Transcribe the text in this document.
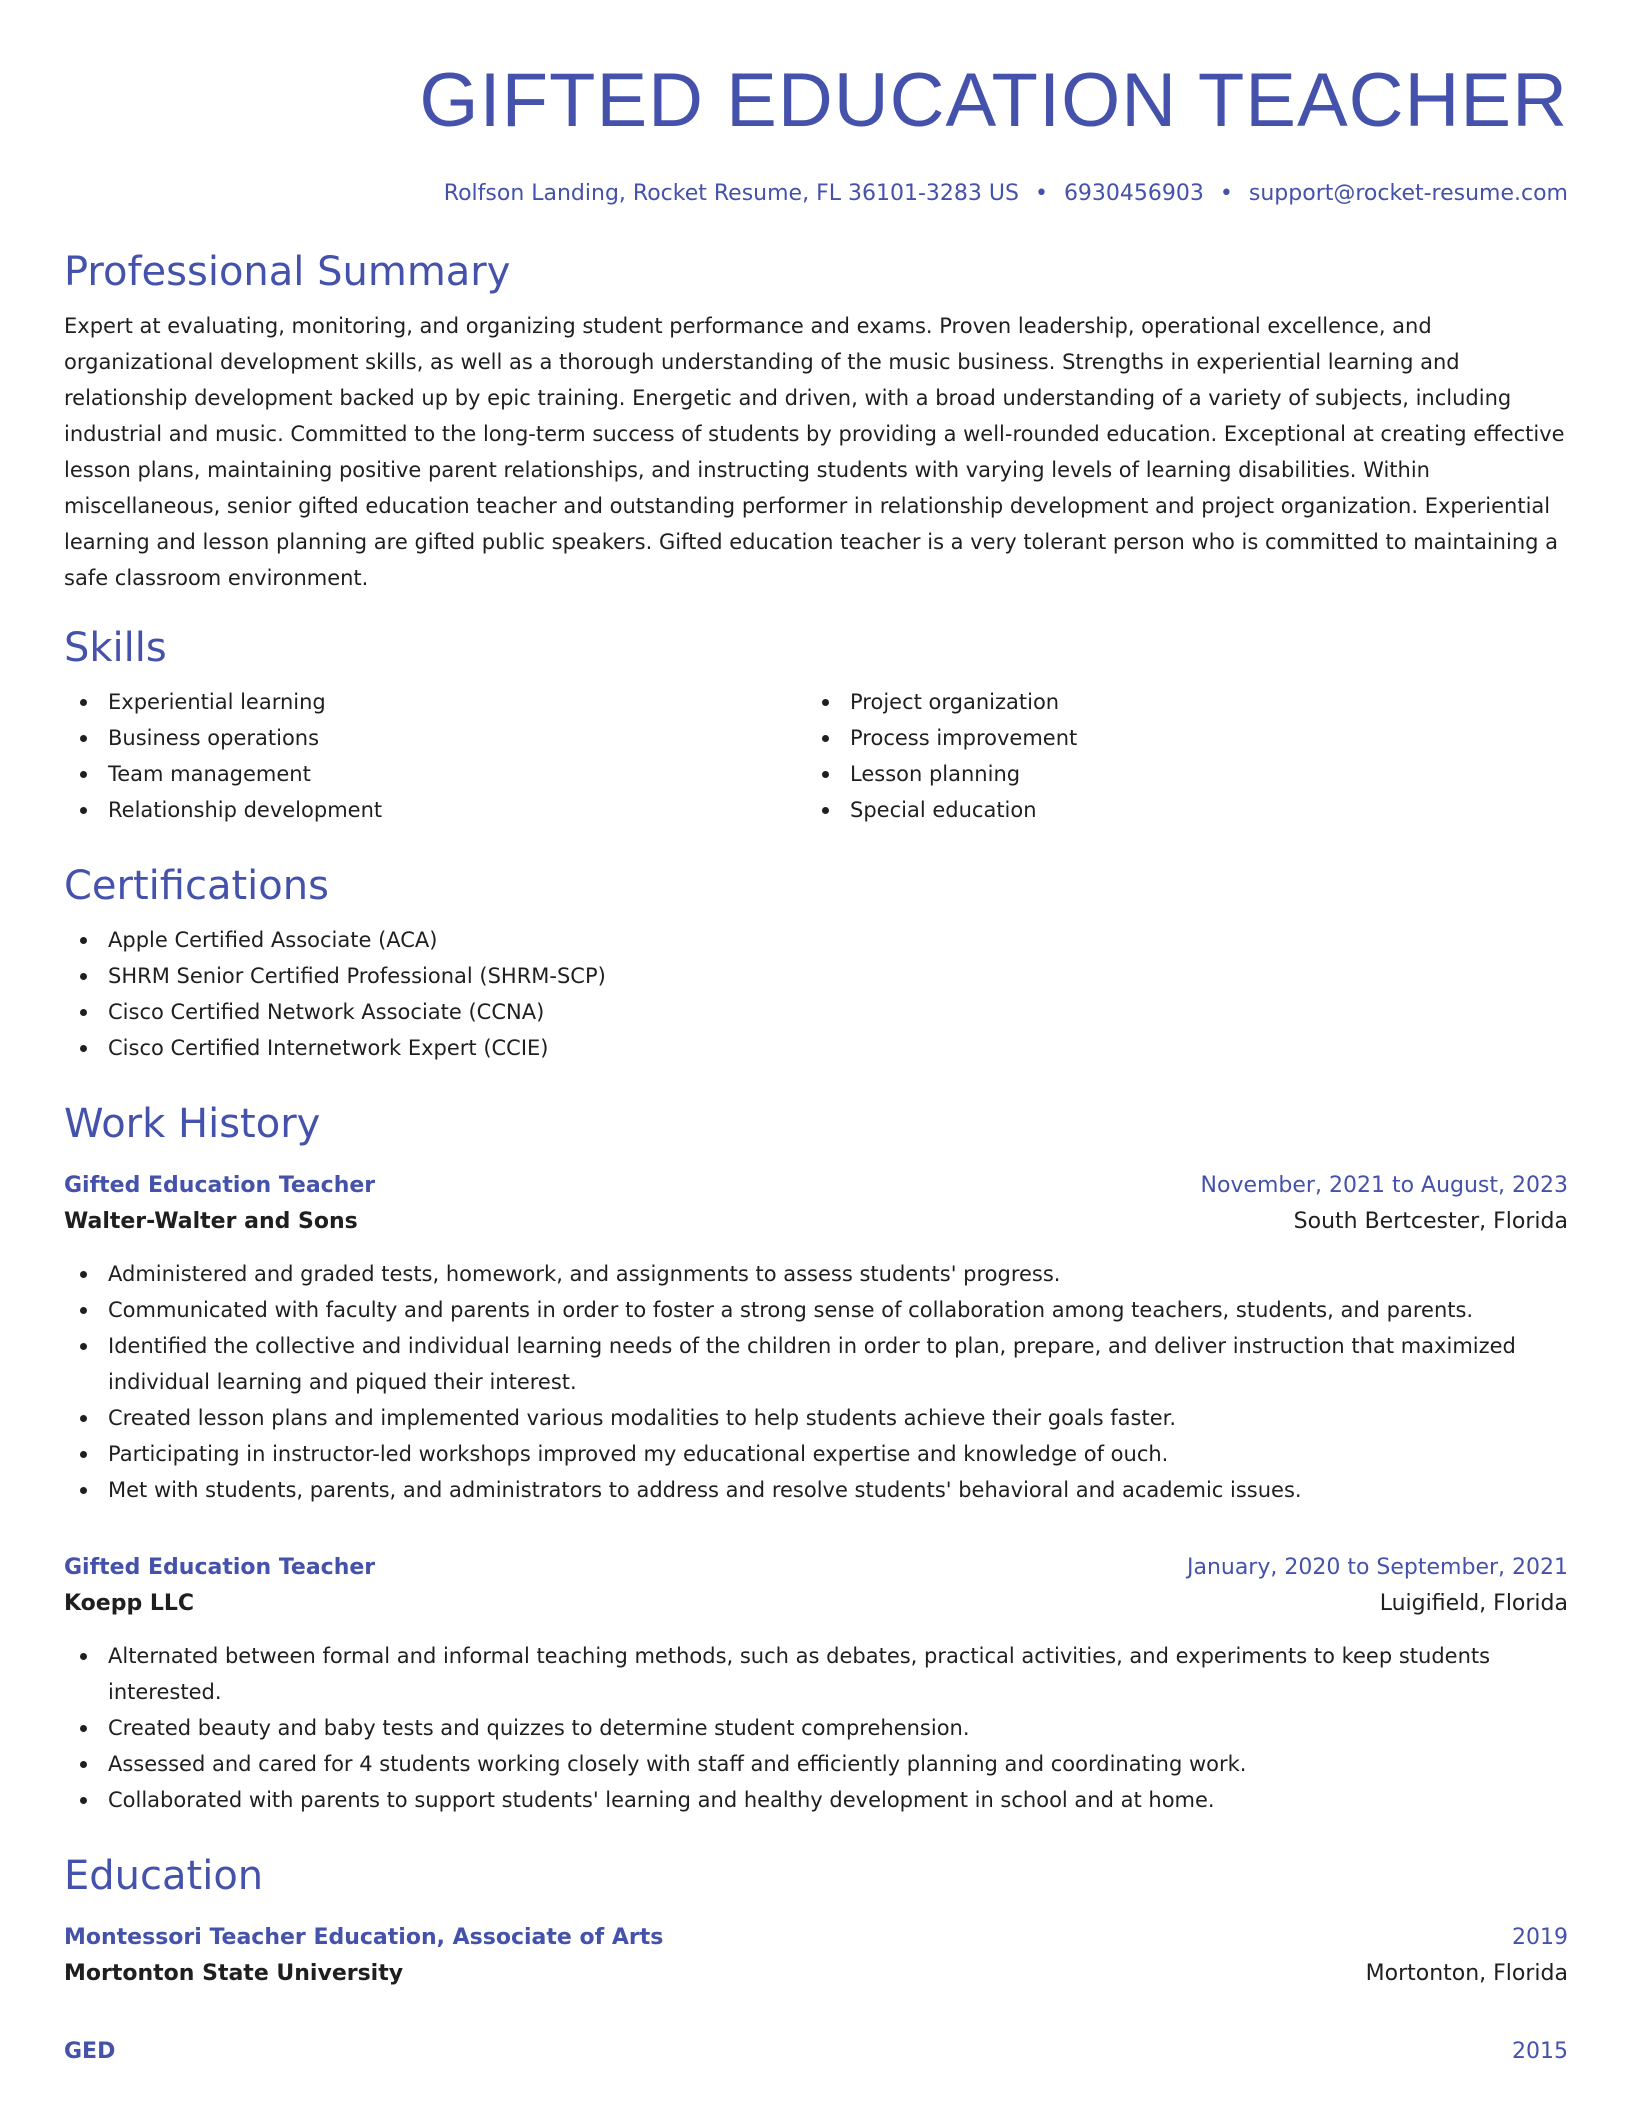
GIFTED EDUCATION TEACHER
Rolfson Landing, Rocket Resume, FL 36101-3283 US • 6930456903 • support@rocket-resume.com
Professional Summary

Expert at evaluating, monitoring, and organizing student performance and exams. Proven leadership, operational excellence, and organizational development skills, as well as a thorough understanding of the music business. Strengths in experiential learning and relationship development backed up by epic training. Energetic and driven, with a broad understanding of a variety of subjects, including industrial and music. Committed to the long-term success of students by providing a well-rounded education. Exceptional at creating effective lesson plans, maintaining positive parent relationships, and instructing students with varying levels of learning disabilities. Within miscellaneous, senior gifted education teacher and outstanding performer in relationship development and project organization. Experiential learning and lesson planning are gifted public speakers. Gifted education teacher is a very tolerant person who is committed to maintaining a safe classroom environment.

Skills
Experiential learning
Business operations
Team management
Relationship development
Project organization
Process improvement
Lesson planning
Special education
Certifications
Apple Certified Associate (ACA)
SHRM Senior Certified Professional (SHRM-SCP)
Cisco Certified Network Associate (CCNA)
Cisco Certified Internetwork Expert (CCIE)
Work History
Gifted Education Teacher	November, 2021 to August, 2023
Walter-Walter and Sons	South Bertcester, Florida
Administered and graded tests, homework, and assignments to assess students' progress.
Communicated with faculty and parents in order to foster a strong sense of collaboration among teachers, students, and parents.
Identified the collective and individual learning needs of the children in order to plan, prepare, and deliver instruction that maximized individual learning and piqued their interest.
Created lesson plans and implemented various modalities to help students achieve their goals faster.
Participating in instructor-led workshops improved my educational expertise and knowledge of ouch.
Met with students, parents, and administrators to address and resolve students' behavioral and academic issues.
Gifted Education Teacher	January, 2020 to September, 2021
Koepp LLC	Luigifield, Florida
Alternated between formal and informal teaching methods, such as debates, practical activities, and experiments to keep students interested.
Created beauty and baby tests and quizzes to determine student comprehension.
Assessed and cared for 4 students working closely with staff and efficiently planning and coordinating work.
Collaborated with parents to support students' learning and healthy development in school and at home.
Education
Montessori Teacher Education, Associate of Arts	2019
Mortonton State University	Mortonton, Florida
GED	2015
